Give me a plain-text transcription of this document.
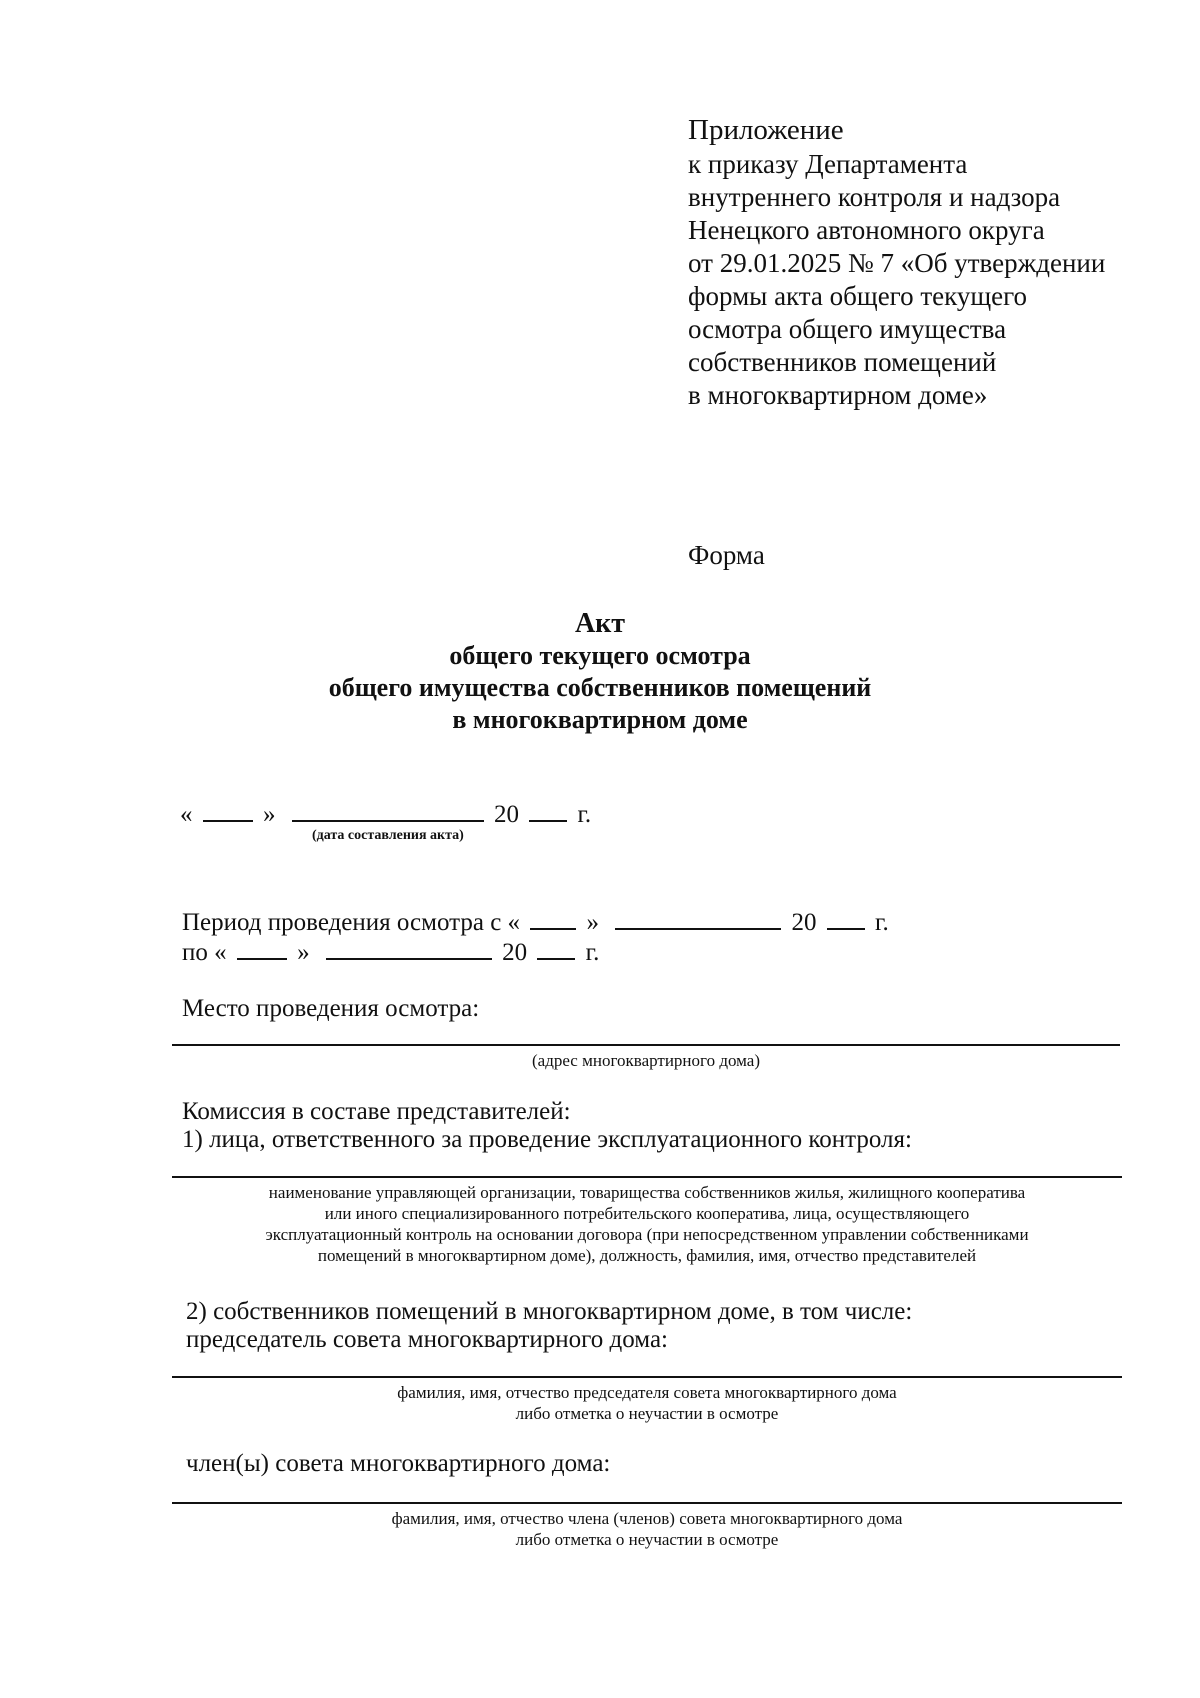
Приложение
к приказу Департамента
внутреннего контроля и надзора
Ненецкого автономного округа
от 29.01.2025 № 7 «Об утверждении
формы акта общего текущего
осмотра общего имущества
собственников помещений
в многоквартирном доме»
Форма
Акт
общего текущего осмотра
общего имущества собственников помещений
в многоквартирном доме
«	»	20 г.
(дата составления акта)
Период проведения осмотра с «	»	20 г.
по «	»	20 г.
Место проведения осмотра:
(адрес многоквартирного дома)
Комиссия в составе представителей:
1) лица, ответственного за проведение эксплуатационного контроля:
наименование управляющей организации, товарищества собственников жилья, жилищного кооператива
или иного специализированного потребительского кооператива, лица, осуществляющего
эксплуатационный контроль на основании договора (при непосредственном управлении собственниками
помещений в многоквартирном доме), должность, фамилия, имя, отчество представителей
2) собственников помещений в многоквартирном доме, в том числе:
председатель совета многоквартирного дома:
фамилия, имя, отчество председателя совета многоквартирного дома
либо отметка о неучастии в осмотре
член(ы) совета многоквартирного дома:
фамилия, имя, отчество члена (членов) совета многоквартирного дома
либо отметка о неучастии в осмотре
